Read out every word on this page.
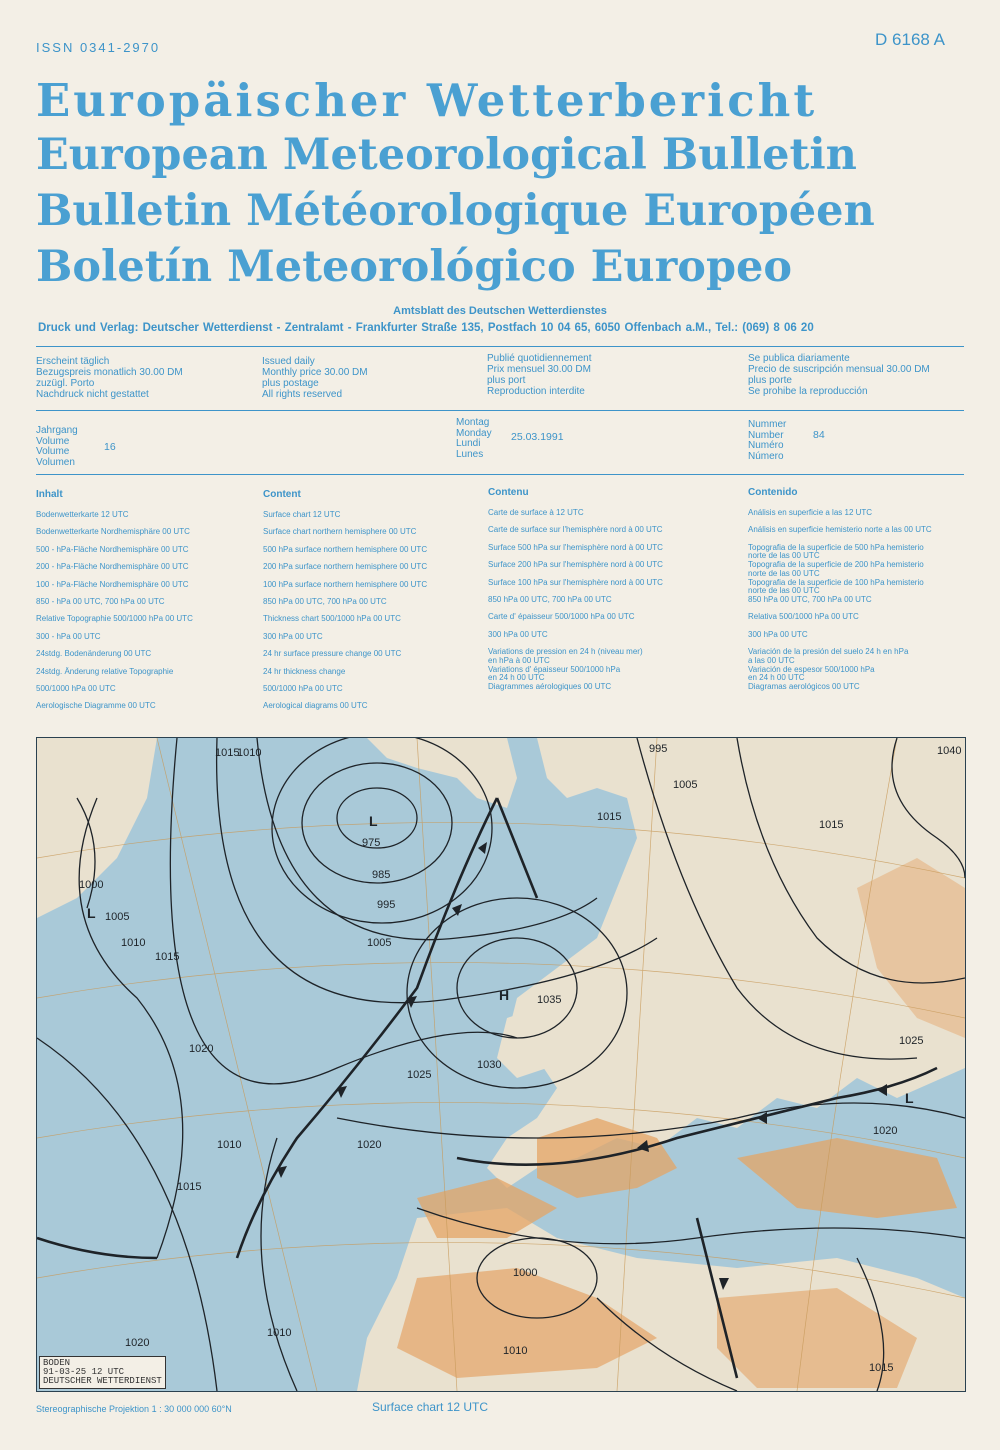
ISSN 0341-2970	D 6168 A
Europäischer Wetterbericht
European Meteorological Bulletin
Bulletin Météorologique Européen
Boletín Meteorológico Europeo
Amtsblatt des Deutschen Wetterdienstes
Druck und Verlag: Deutscher Wetterdienst - Zentralamt - Frankfurter Straße 135, Postfach 10 04 65, 6050 Offenbach a.M., Tel.: (069) 8 06 20
Erscheint täglich
Bezugspreis monatlich 30.00 DM
zuzügl. Porto
Nachdruck nicht gestattet
Issued daily
Monthly price 30.00 DM
plus postage
All rights reserved
Publié quotidiennement
Prix mensuel 30.00 DM
plus port
Reproduction interdite
Se publica diariamente
Precio de suscripción mensual 30.00 DM
plus porte
Se prohibe la reproducción
Jahrgang
Volume
Volume
Volumen
16
Montag
Monday
Lundi
Lunes
25.03.1991
Nummer
Number
Numéro
Número
84
Inhalt
Bodenwetterkarte 12 UTC
Bodenwetterkarte Nordhemisphäre 00 UTC
500 - hPa-Fläche Nordhemisphäre 00 UTC
200 - hPa-Fläche Nordhemisphäre 00 UTC
100 - hPa-Fläche Nordhemisphäre 00 UTC
850 - hPa 00 UTC, 700 hPa 00 UTC
Relative Topographie 500/1000 hPa 00 UTC
300 - hPa 00 UTC
24stdg. Bodenänderung 00 UTC
24stdg. Änderung relative Topographie
500/1000 hPa 00 UTC
Aerologische Diagramme 00 UTC
Content
Surface chart 12 UTC
Surface chart northern hemisphere 00 UTC
500 hPa surface northern hemisphere 00 UTC
200 hPa surface northern hemisphere 00 UTC
100 hPa surface northern hemisphere 00 UTC
850 hPa 00 UTC, 700 hPa 00 UTC
Thickness chart 500/1000 hPa 00 UTC
300 hPa 00 UTC
24 hr surface pressure change 00 UTC
24 hr thickness change
500/1000 hPa 00 UTC
Aerological diagrams 00 UTC
Contenu
Carte de surface à 12 UTC
Carte de surface sur l'hemisphère nord à 00 UTC
Surface 500 hPa sur l'hemisphère nord à 00 UTC
Surface 200 hPa sur l'hemisphère nord à 00 UTC
Surface 100 hPa sur l'hemisphère nord à 00 UTC
850 hPa 00 UTC, 700 hPa 00 UTC
Carte d' épaisseur 500/1000 hPa 00 UTC
300 hPa 00 UTC
Variations de pression en 24 h (niveau mer)
en hPa à 00 UTC
Variations d' épaisseur 500/1000 hPa
en 24 h 00 UTC
Diagrammes aérologiques 00 UTC
Contenido
Análisis en superficie a las 12 UTC
Análisis en superficie hemisterio norte a las 00 UTC
Topografia de la superficie de 500 hPa hemisterio
norte de las 00 UTC
Topografia de la superficie de 200 hPa hemisterio
norte de las 00 UTC
Topografia de la superficie de 100 hPa hemisterio
norte de las 00 UTC
850 hPa 00 UTC, 700 hPa 00 UTC
Relativa 500/1000 hPa 00 UTC
300 hPa 00 UTC
Variación de la presión del suelo 24 h en hPa
a las 00 UTC
Variación de espesor 500/1000 hPa
en 24 h 00 UTC
Diagramas aerológicos 00 UTC
L
H
L
L
1015
1010
975
985
995
1005
1000
1005
1010
1015
1020
1025
1030
1035
1020
1010
1015
1020
995
1005
1015
1040
1025
1020
1010
1000
1010
1015
1015
BODEN
91-03-25 12 UTC
DEUTSCHER WETTERDIENST
Stereographische Projektion 1 : 30 000 000 60°N	Surface chart 12 UTC
